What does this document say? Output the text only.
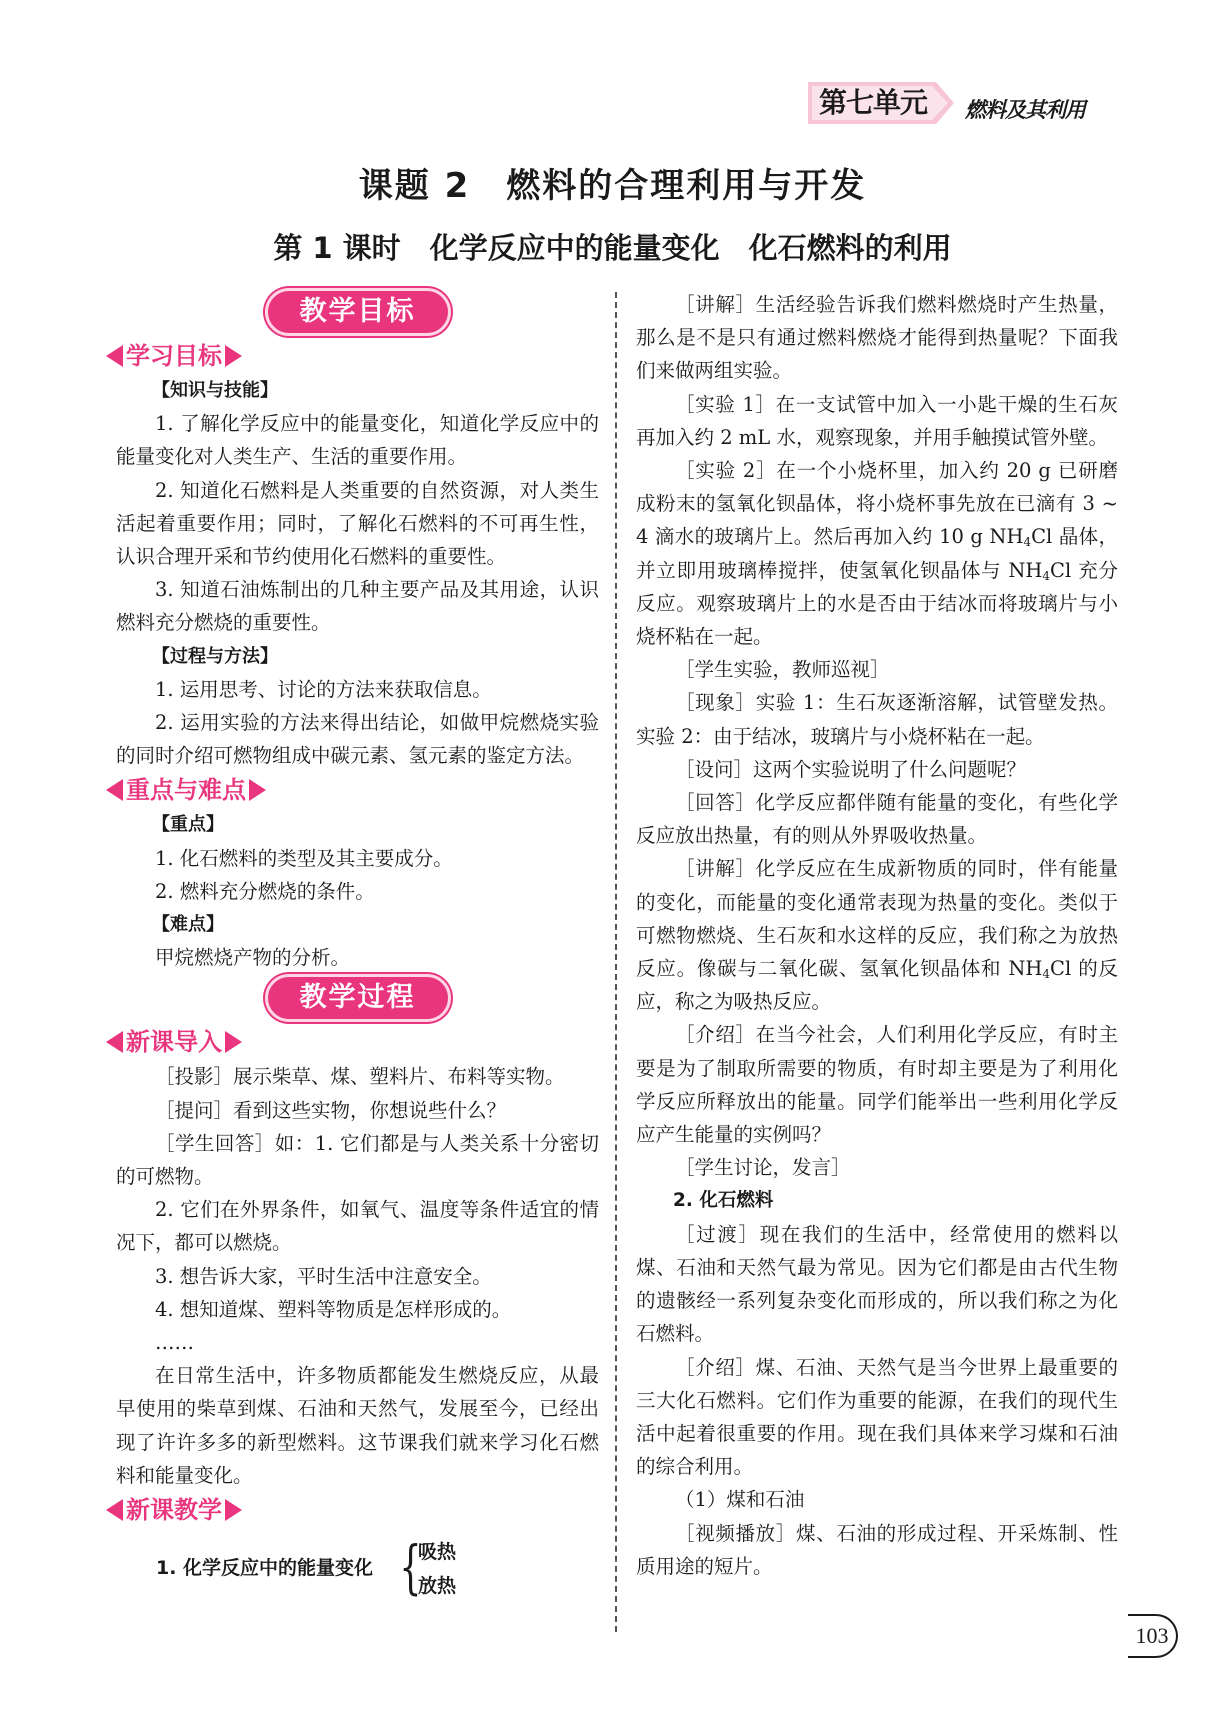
第七单元	燃料及其利用
课题 2　燃料的合理利用与开发
第 1 课时　化学反应中的能量变化　化石燃料的利用
教学目标
学习目标

【知识与技能】

1. 了解化学反应中的能量变化，知道化学反应中的能量变化对人类生产、生活的重要作用。

2. 知道化石燃料是人类重要的自然资源，对人类生活起着重要作用；同时，了解化石燃料的不可再生性，认识合理开采和节约使用化石燃料的重要性。

3. 知道石油炼制出的几种主要产品及其用途，认识燃料充分燃烧的重要性。

【过程与方法】

1. 运用思考、讨论的方法来获取信息。

2. 运用实验的方法来得出结论，如做甲烷燃烧实验的同时介绍可燃物组成中碳元素、氢元素的鉴定方法。

重点与难点

【重点】

1. 化石燃料的类型及其主要成分。

2. 燃料充分燃烧的条件。

【难点】

甲烷燃烧产物的分析。

教学过程
新课导入

［投影］展示柴草、煤、塑料片、布料等实物。

［提问］看到这些实物，你想说些什么？

［学生回答］如：1. 它们都是与人类关系十分密切的可燃物。

2. 它们在外界条件，如氧气、温度等条件适宜的情况下，都可以燃烧。

3. 想告诉大家，平时生活中注意安全。

4. 想知道煤、塑料等物质是怎样形成的。

……

在日常生活中，许多物质都能发生燃烧反应，从最早使用的柴草到煤、石油和天然气，发展至今，已经出现了许许多多的新型燃料。这节课我们就来学习化石燃料和能量变化。

新课教学
1. 化学反应中的能量变化 {
吸热
放热

［讲解］生活经验告诉我们燃料燃烧时产生热量，那么是不是只有通过燃料燃烧才能得到热量呢？下面我们来做两组实验。

［实验 1］在一支试管中加入一小匙干燥的生石灰再加入约 2 mL 水，观察现象，并用手触摸试管外壁。

［实验 2］在一个小烧杯里，加入约 20 g 已研磨成粉末的氢氧化钡晶体，将小烧杯事先放在已滴有 3 ~ 4 滴水的玻璃片上。然后再加入约 10 g $NH_4Cl$ 晶体，并立即用玻璃棒搅拌，使氢氧化钡晶体与 $NH_4Cl$ 充分反应。观察玻璃片上的水是否由于结冰而将玻璃片与小烧杯粘在一起。

［学生实验，教师巡视］

［现象］实验 1：生石灰逐渐溶解，试管壁发热。实验 2：由于结冰，玻璃片与小烧杯粘在一起。

［设问］这两个实验说明了什么问题呢？

［回答］化学反应都伴随有能量的变化，有些化学反应放出热量，有的则从外界吸收热量。

［讲解］化学反应在生成新物质的同时，伴有能量的变化，而能量的变化通常表现为热量的变化。类似于可燃物燃烧、生石灰和水这样的反应，我们称之为放热反应。像碳与二氧化碳、氢氧化钡晶体和 $NH_4Cl$ 的反应，称之为吸热反应。

［介绍］在当今社会，人们利用化学反应，有时主要是为了制取所需要的物质，有时却主要是为了利用化学反应所释放出的能量。同学们能举出一些利用化学反应产生能量的实例吗？

［学生讨论，发言］

2. 化石燃料

［过渡］现在我们的生活中，经常使用的燃料以煤、石油和天然气最为常见。因为它们都是由古代生物的遗骸经一系列复杂变化而形成的，所以我们称之为化石燃料。

［介绍］煤、石油、天然气是当今世界上最重要的三大化石燃料。它们作为重要的能源，在我们的现代生活中起着很重要的作用。现在我们具体来学习煤和石油的综合利用。

（1）煤和石油

［视频播放］煤、石油的形成过程、开采炼制、性质用途的短片。

103
